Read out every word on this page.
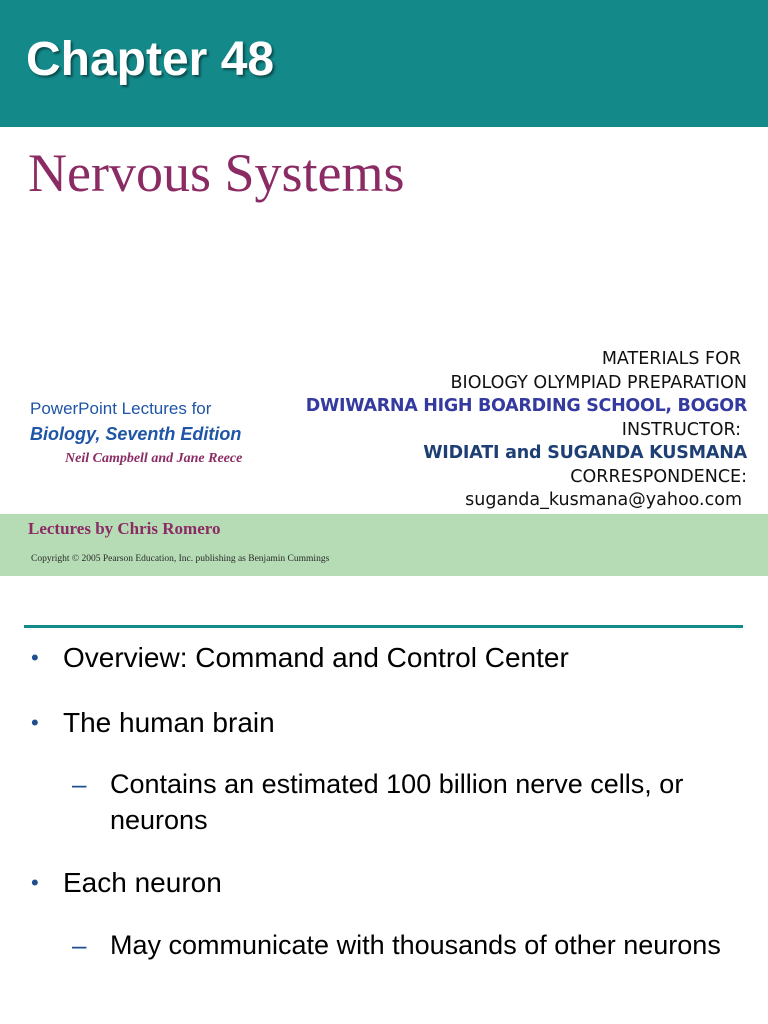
Chapter 48
Nervous Systems
MATERIALS FOR
BIOLOGY OLYMPIAD PREPARATION
DWIWARNA HIGH BOARDING SCHOOL, BOGOR
INSTRUCTOR:
WIDIATI and SUGANDA KUSMANA
CORRESPONDENCE:
suganda_kusmana@yahoo.com
PowerPoint Lectures for
Biology, Seventh Edition
Neil Campbell and Jane Reece
Lectures by Chris Romero
Copyright © 2005 Pearson Education, Inc. publishing as Benjamin Cummings
• Overview: Command and Control Center
• The human brain
– Contains an estimated 100 billion nerve cells, or neurons
• Each neuron
– May communicate with thousands of other neurons
